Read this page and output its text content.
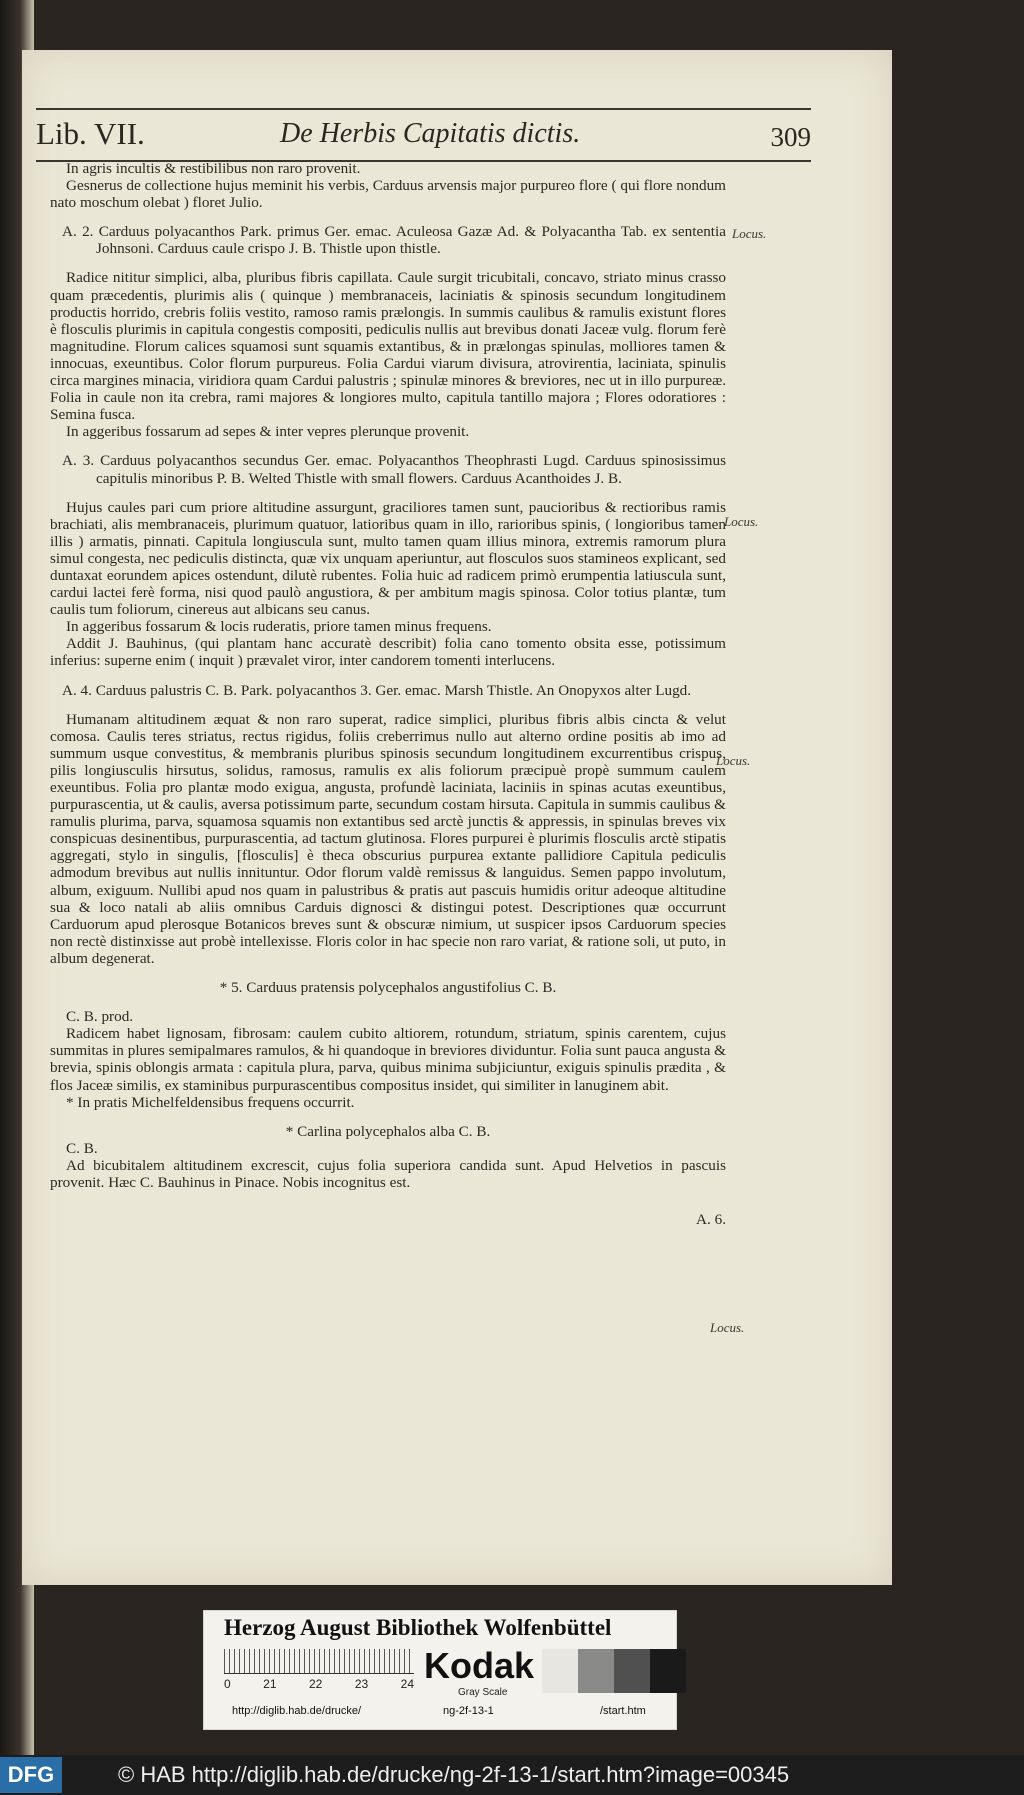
Lib. VII.	De Herbis Capitatis dictis.	309
Locus.
Locus.
Locus.
Locus.

In agris incultis & restibilibus non raro provenit.

Gesnerus de collectione hujus meminit his verbis, Carduus arvensis major purpureo flore ( qui flore nondum nato moschum olebat ) floret Julio.

A. 2. Carduus polyacanthos Park. primus Ger. emac. Aculeosa Gazæ Ad. & Polyacantha Tab. ex sententia Johnsoni. Carduus caule crispo J. B. Thistle upon thistle.

Radice nititur simplici, alba, pluribus fibris capillata. Caule surgit tricubitali, concavo, striato minus crasso quam præcedentis, plurimis alis ( quinque ) membranaceis, laciniatis & spinosis secundum longitudinem productis horrido, crebris foliis vestito, ramoso ramis prælongis. In summis caulibus & ramulis existunt flores è flosculis plurimis in capitula congestis compositi, pediculis nullis aut brevibus donati Jaceæ vulg. florum ferè magnitudine. Florum calices squamosi sunt squamis extantibus, & in prælongas spinulas, molliores tamen & innocuas, exeuntibus. Color florum purpureus. Folia Cardui viarum divisura, atrovirentia, laciniata, spinulis circa margines minacia, viridiora quam Cardui palustris ; spinulæ minores & breviores, nec ut in illo purpureæ. Folia in caule non ita crebra, rami majores & longiores multo, capitula tantillo majora ; Flores odoratiores : Semina fusca.

In aggeribus fossarum ad sepes & inter vepres plerunque provenit.

A. 3. Carduus polyacanthos secundus Ger. emac. Polyacanthos Theophrasti Lugd. Carduus spinosissimus capitulis minoribus P. B. Welted Thistle with small flowers. Carduus Acanthoides J. B.

Hujus caules pari cum priore altitudine assurgunt, graciliores tamen sunt, paucioribus & rectioribus ramis brachiati, alis membranaceis, plurimum quatuor, latioribus quam in illo, rarioribus spinis, ( longioribus tamen illis ) armatis, pinnati. Capitula longiuscula sunt, multo tamen quam illius minora, extremis ramorum plura simul congesta, nec pediculis distincta, quæ vix unquam aperiuntur, aut flosculos suos stamineos explicant, sed duntaxat eorundem apices ostendunt, dilutè rubentes. Folia huic ad radicem primò erumpentia latiuscula sunt, cardui lactei ferè forma, nisi quod paulò angustiora, & per ambitum magis spinosa. Color totius plantæ, tum caulis tum foliorum, cinereus aut albicans seu canus.

In aggeribus fossarum & locis ruderatis, priore tamen minus frequens.

Addit J. Bauhinus, (qui plantam hanc accuratè describit) folia cano tomento obsita esse, potissimum inferius: superne enim ( inquit ) prævalet viror, inter candorem tomenti interlucens.

A. 4. Carduus palustris C. B. Park. polyacanthos 3. Ger. emac. Marsh Thistle. An Onopyxos alter Lugd.

Humanam altitudinem æquat & non raro superat, radice simplici, pluribus fibris albis cincta & velut comosa. Caulis teres striatus, rectus rigidus, foliis creberrimus nullo aut alterno ordine positis ab imo ad summum usque convestitus, & membranis pluribus spinosis secundum longitudinem excurrentibus crispus, pilis longiusculis hirsutus, solidus, ramosus, ramulis ex alis foliorum præcipuè propè summum caulem exeuntibus. Folia pro plantæ modo exigua, angusta, profundè laciniata, laciniis in spinas acutas exeuntibus, purpurascentia, ut & caulis, aversa potissimum parte, secundum costam hirsuta. Capitula in summis caulibus & ramulis plurima, parva, squamosa squamis non extantibus sed arctè junctis & appressis, in spinulas breves vix conspicuas desinentibus, purpurascentia, ad tactum glutinosa. Flores purpurei è plurimis flosculis arctè stipatis aggregati, stylo in singulis, [flosculis] è theca obscurius purpurea extante pallidiore Capitula pediculis admodum brevibus aut nullis innituntur. Odor florum valdè remissus & languidus. Semen pappo involutum, album, exiguum. Nullibi apud nos quam in palustribus & pratis aut pascuis humidis oritur adeoque altitudine sua & loco natali ab aliis omnibus Carduis dignosci & distingui potest. Descriptiones quæ occurrunt Carduorum apud plerosque Botanicos breves sunt & obscuræ nimium, ut suspicer ipsos Carduorum species non rectè distinxisse aut probè intellexisse. Floris color in hac specie non raro variat, & ratione soli, ut puto, in album degenerat.

* 5. Carduus pratensis polycephalos angustifolius C. B.

C. B. prod.

Radicem habet lignosam, fibrosam: caulem cubito altiorem, rotundum, striatum, spinis carentem, cujus summitas in plures semipalmares ramulos, & hi quandoque in breviores dividuntur. Folia sunt pauca angusta & brevia, spinis oblongis armata : capitula plura, parva, quibus minima subjiciuntur, exiguis spinulis prædita , & flos Jaceæ similis, ex staminibus purpurascentibus compositus insidet, qui similiter in lanuginem abit.

* In pratis Michelfeldensibus frequens occurrit.

* Carlina polycephalos alba C. B.

C. B.

Ad bicubitalem altitudinem excrescit, cujus folia superiora candida sunt. Apud Helvetios in pascuis provenit. Hæc C. Bauhinus in Pinace. Nobis incognitus est.

A. 6.

Herzog August Bibliothek Wolfenbüttel
0	21	22	23	24 Kodak
Gray Scale
http://diglib.hab.de/drucke/	ng-2f-13-1	/start.htm
DFG	© HAB http://diglib.hab.de/drucke/ng-2f-13-1/start.htm?image=00345
